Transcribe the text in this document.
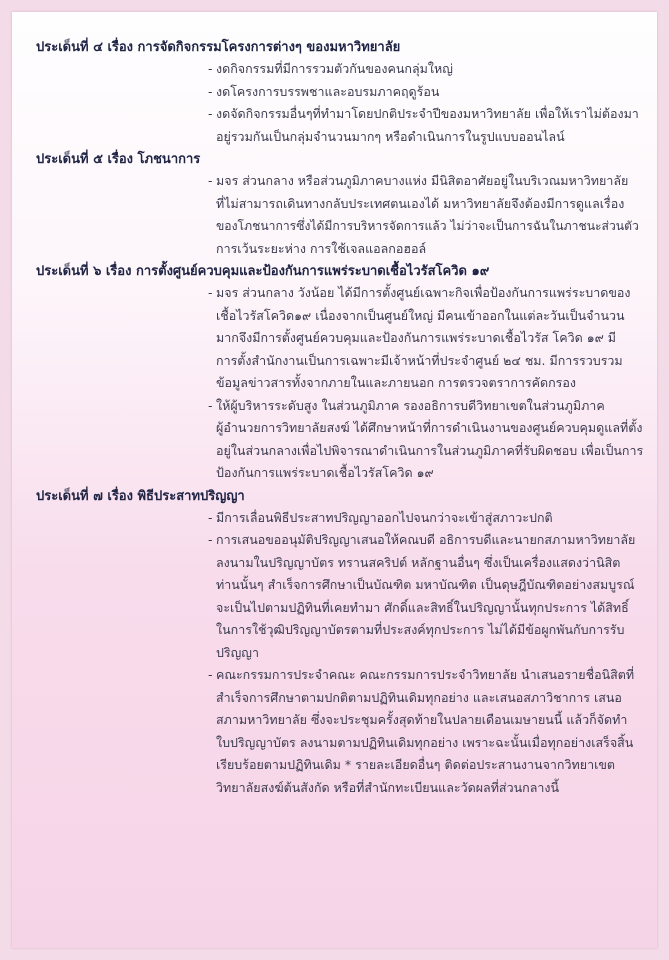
ประเด็นที่ ๔ เรื่อง การจัดกิจกรรมโครงการต่างๆ ของมหาวิทยาลัย

- งดกิจกรรมที่มีการรวมตัวกันของคนกลุ่มใหญ่
- งดโครงการบรรพชาและอบรมภาคฤดูร้อน
- งดจัดกิจกรรมอื่นๆที่ทำมาโดยปกติประจำปีของมหาวิทยาลัย เพื่อให้เราไม่ต้องมา
อยู่รวมกันเป็นกลุ่มจำนวนมากๆ หรือดำเนินการในรูปแบบออนไลน์

ประเด็นที่ ๕ เรื่อง โภชนาการ

- มจร ส่วนกลาง หรือส่วนภูมิภาคบางแห่ง มีนิสิตอาศัยอยู่ในบริเวณมหาวิทยาลัย
ที่ไม่สามารถเดินทางกลับประเทศตนเองได้ มหาวิทยาลัยจึงต้องมีการดูแลเรื่อง
ของโภชนาการซึ่งได้มีการบริหารจัดการแล้ว ไม่ว่าจะเป็นการฉันในภาชนะส่วนตัว
การเว้นระยะห่าง การใช้เจลแอลกอฮอล์

ประเด็นที่ ๖ เรื่อง การตั้งศูนย์ควบคุมและป้องกันการแพร่ระบาดเชื้อไวรัสโควิด ๑๙

- มจร ส่วนกลาง วังน้อย ได้มีการตั้งศูนย์เฉพาะกิจเพื่อป้องกันการแพร่ระบาดของ
เชื้อไวรัสโควิด๑๙ เนื่องจากเป็นศูนย์ใหญ่ มีคนเข้าออกในแต่ละวันเป็นจำนวน
มากจึงมีการตั้งศูนย์ควบคุมและป้องกันการแพร่ระบาดเชื้อไวรัส โควิด ๑๙ มี
การตั้งสำนักงานเป็นการเฉพาะมีเจ้าหน้าที่ประจำศูนย์ ๒๔ ชม. มีการรวบรวม
ข้อมูลข่าวสารทั้งจากภายในและภายนอก การตรวจตราการคัดกรอง
- ให้ผู้บริหารระดับสูง ในส่วนภูมิภาค รองอธิการบดีวิทยาเขตในส่วนภูมิภาค
ผู้อำนวยการวิทยาลัยสงฆ์ ได้ศึกษาหน้าที่การดำเนินงานของศูนย์ควบคุมดูแลที่ตั้ง
อยู่ในส่วนกลางเพื่อไปพิจารณาดำเนินการในส่วนภูมิภาคที่รับผิดชอบ เพื่อเป็นการ
ป้องกันการแพร่ระบาดเชื้อไวรัสโควิด ๑๙

ประเด็นที่ ๗ เรื่อง พิธีประสาทปริญญา

- มีการเลื่อนพิธีประสาทปริญญาออกไปจนกว่าจะเข้าสู่สภาวะปกติ
- การเสนอขออนุมัติปริญญาเสนอให้คณบดี อธิการบดีและนายกสภามหาวิทยาลัย
ลงนามในปริญญาบัตร ทรานสคริปต์ หลักฐานอื่นๆ ซึ่งเป็นเครื่องแสดงว่านิสิต
ท่านนั้นๆ สำเร็จการศึกษาเป็นบัณฑิต มหาบัณฑิต เป็นดุษฎีบัณฑิตอย่างสมบูรณ์
จะเป็นไปตามปฏิทินที่เคยทำมา ศักดิ์และสิทธิ์ในปริญญานั้นทุกประการ ได้สิทธิ์
ในการใช้วุฒิปริญญาบัตรตามที่ประสงค์ทุกประการ ไม่ได้มีข้อผูกพันกับการรับ
ปริญญา
- คณะกรรมการประจำคณะ คณะกรรมการประจำวิทยาลัย นำเสนอรายชื่อนิสิตที่
สำเร็จการศึกษาตามปกติตามปฏิทินเดิมทุกอย่าง และเสนอสภาวิชาการ เสนอ
สภามหาวิทยาลัย ซึ่งจะประชุมครั้งสุดท้ายในปลายเดือนเมษายนนี้ แล้วก็จัดทำ
ใบปริญญาบัตร ลงนามตามปฏิทินเดิมทุกอย่าง เพราะฉะนั้นเมื่อทุกอย่างเสร็จสิ้น
เรียบร้อยตามปฏิทินเดิม * รายละเอียดอื่นๆ ติดต่อประสานงานจากวิทยาเขต
วิทยาลัยสงฆ์ต้นสังกัด หรือที่สำนักทะเบียนและวัดผลที่ส่วนกลางนี้
